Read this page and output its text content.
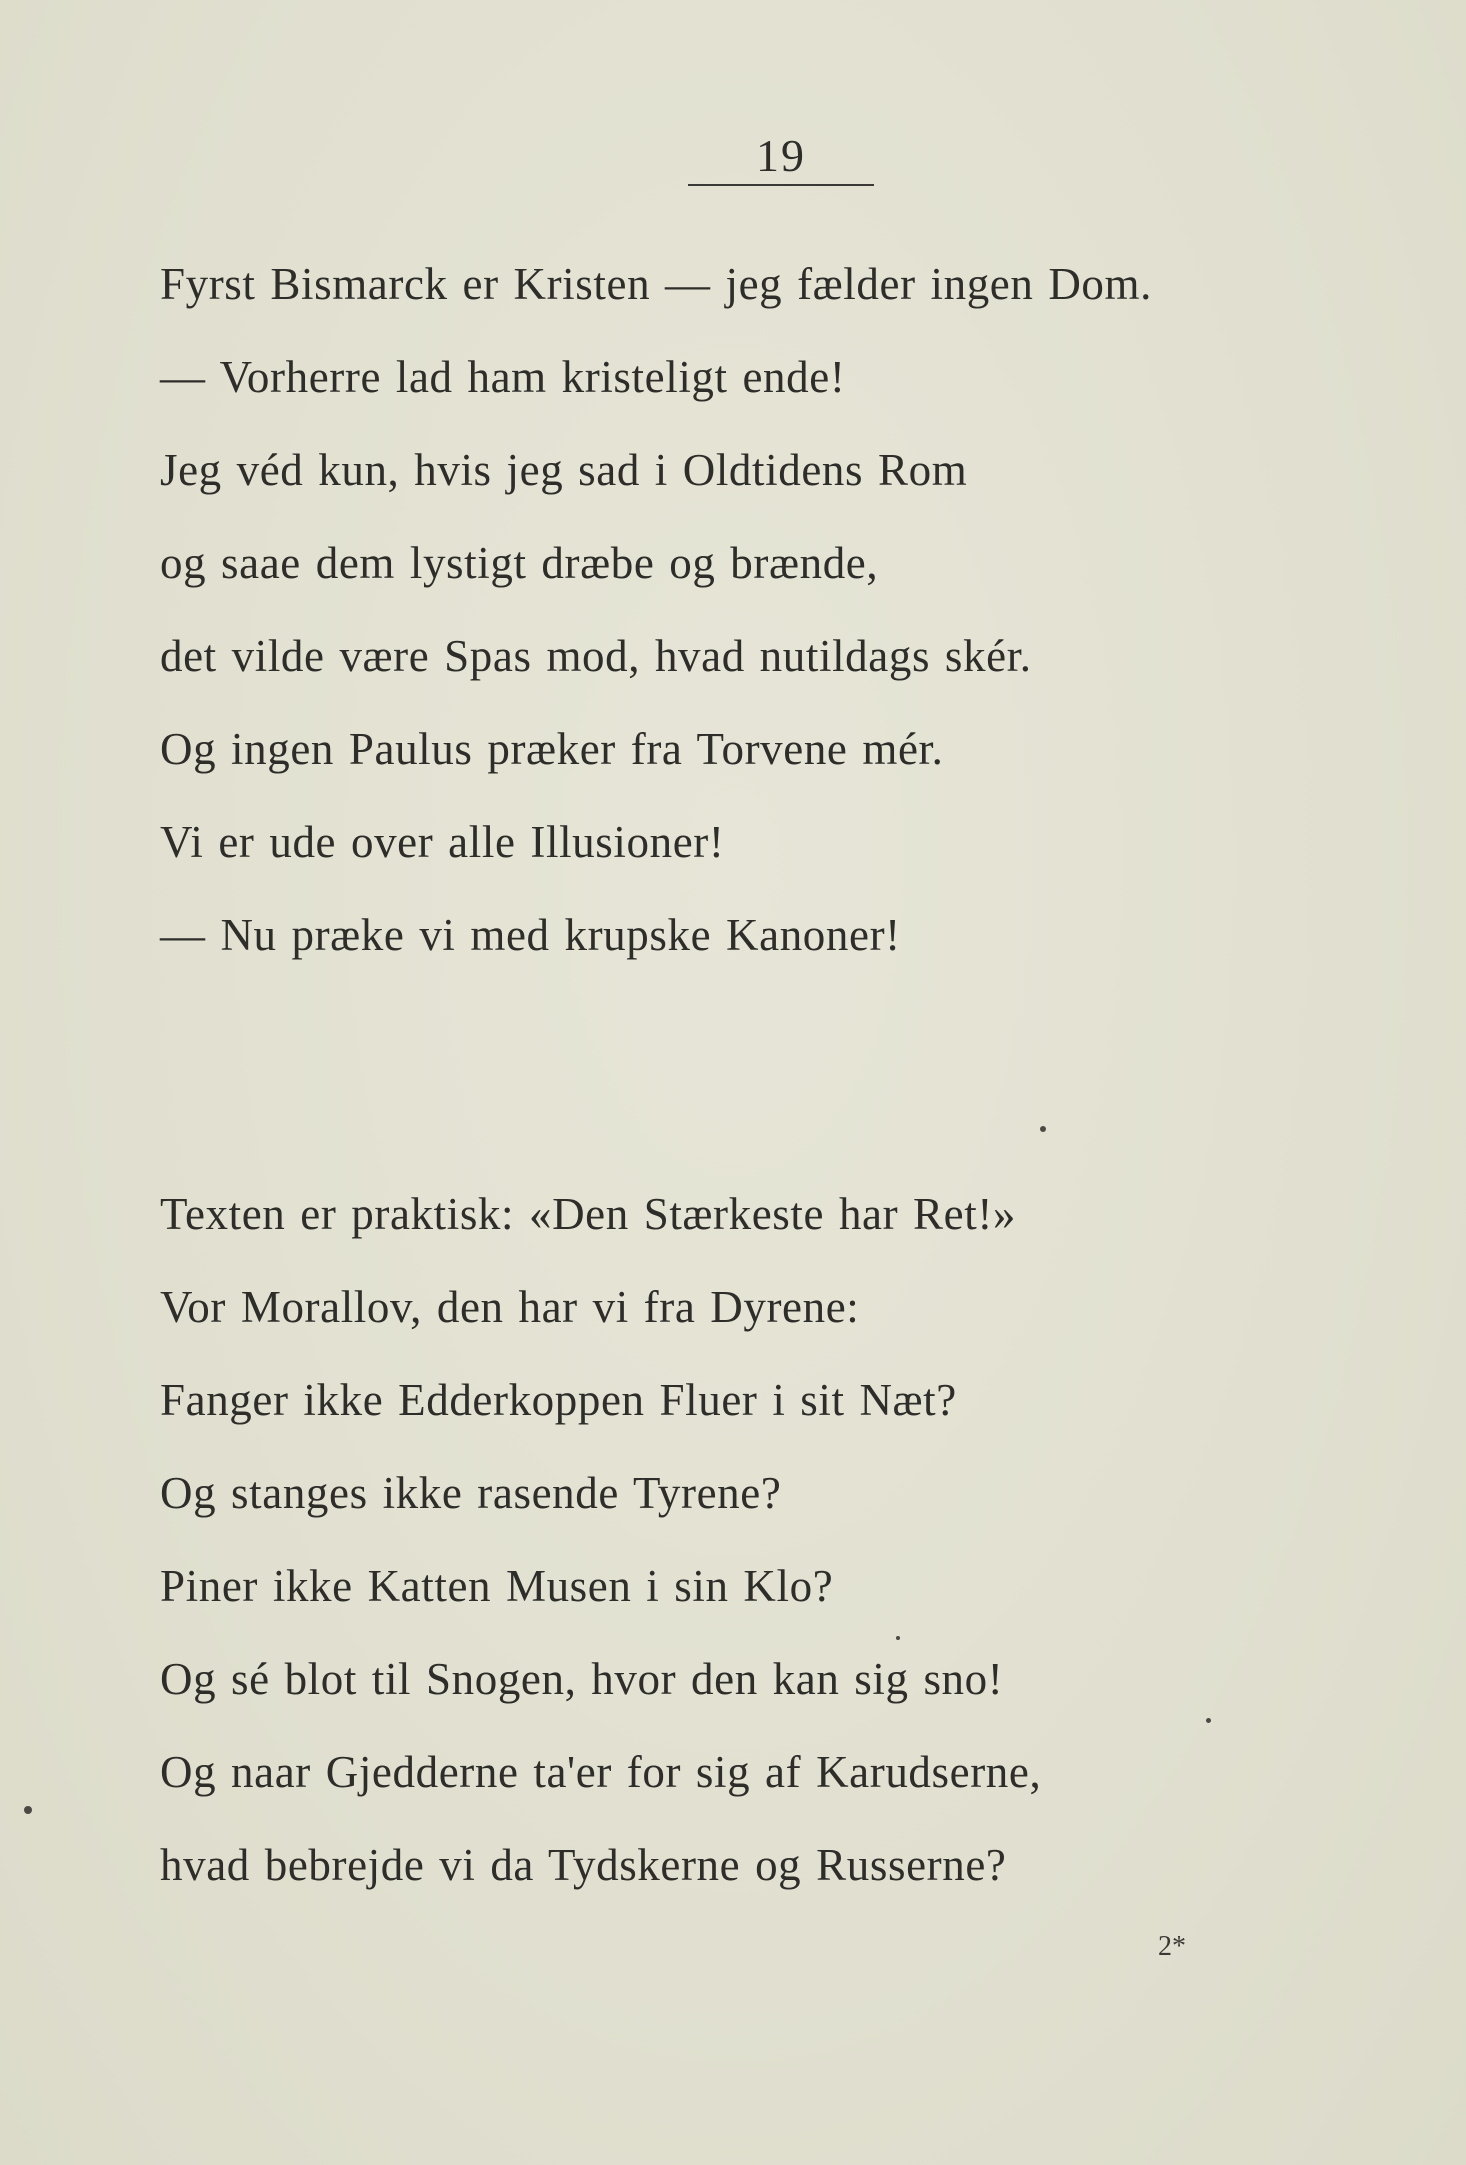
19
Fyrst Bismarck er Kristen — jeg fælder ingen Dom.
— Vorherre lad ham kristeligt ende!
Jeg véd kun, hvis jeg sad i Oldtidens Rom
og saae dem lystigt dræbe og brænde,
det vilde være Spas mod, hvad nutildags skér.
Og ingen Paulus præker fra Torvene mér.
Vi er ude over alle Illusioner!
— Nu præke vi med krupske Kanoner!
Texten er praktisk: «Den Stærkeste har Ret!»
Vor Morallov, den har vi fra Dyrene:
Fanger ikke Edderkoppen Fluer i sit Næt?
Og stanges ikke rasende Tyrene?
Piner ikke Katten Musen i sin Klo?
Og sé blot til Snogen, hvor den kan sig sno!
Og naar Gjedderne ta'er for sig af Karudserne,
hvad bebrejde vi da Tydskerne og Russerne?
2*
